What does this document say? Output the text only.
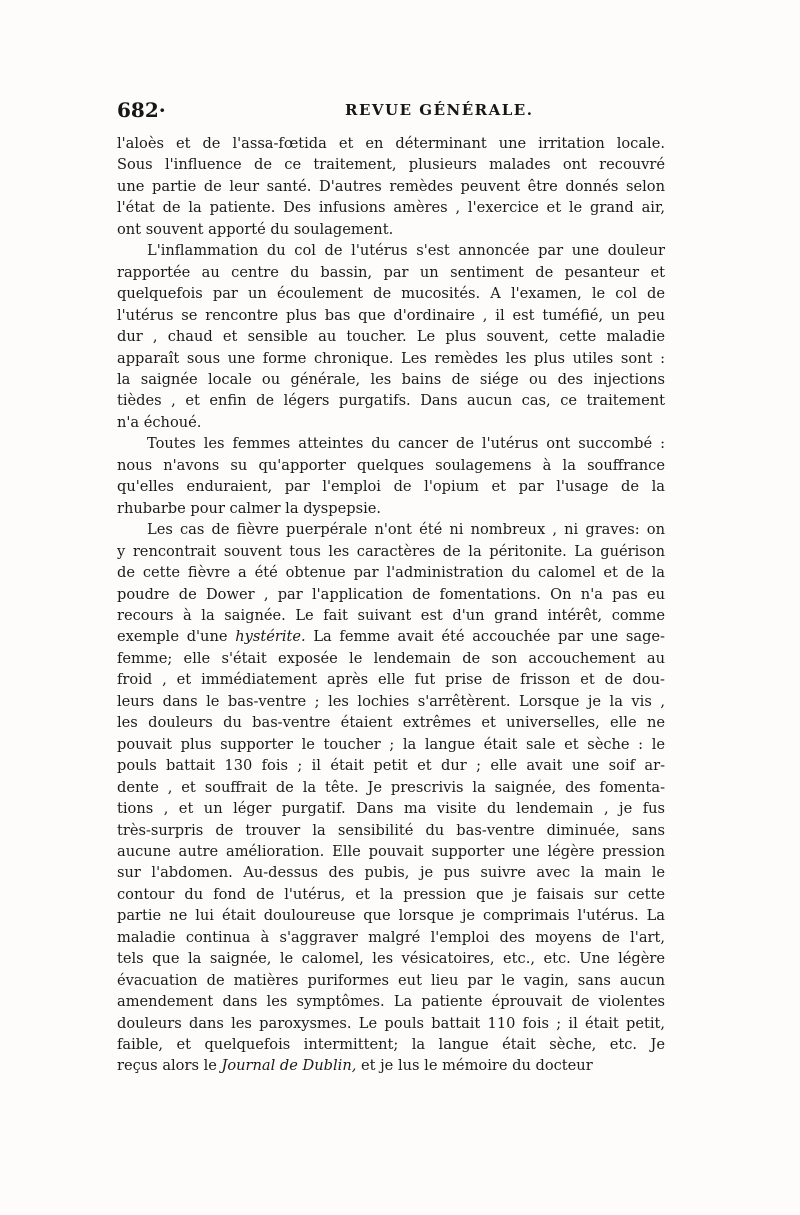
682·	REVUE GÉNÉRALE.
l'aloès et de l'assa-fœtida et en déterminant une irritation locale.
Sous l'influence de ce traitement, plusieurs malades ont recouvré
une partie de leur santé. D'autres remèdes peuvent être donnés selon
l'état de la patiente. Des infusions amères , l'exercice et le grand air,
ont souvent apporté du soulagement.
L'inflammation du col de l'utérus s'est annoncée par une douleur
rapportée au centre du bassin, par un sentiment de pesanteur et
quelquefois par un écoulement de mucosités. A l'examen, le col de
l'utérus se rencontre plus bas que d'ordinaire , il est tuméfié, un peu
dur , chaud et sensible au toucher. Le plus souvent, cette maladie
apparaît sous une forme chronique. Les remèdes les plus utiles sont :
la saignée locale ou générale, les bains de siége ou des injections
tièdes , et enfin de légers purgatifs. Dans aucun cas, ce traitement
n'a échoué.
Toutes les femmes atteintes du cancer de l'utérus ont succombé :
nous n'avons su qu'apporter quelques soulagemens à la souffrance
qu'elles enduraient, par l'emploi de l'opium et par l'usage de la
rhubarbe pour calmer la dyspepsie.
Les cas de fièvre puerpérale n'ont été ni nombreux , ni graves: on
y rencontrait souvent tous les caractères de la péritonite. La guérison
de cette fièvre a été obtenue par l'administration du calomel et de la
poudre de Dower , par l'application de fomentations. On n'a pas eu
recours à la saignée. Le fait suivant est d'un grand intérêt, comme
exemple d'une hystérite. La femme avait été accouchée par une sage-
femme; elle s'était exposée le lendemain de son accouchement au
froid , et immédiatement après elle fut prise de frisson et de dou-
leurs dans le bas-ventre ; les lochies s'arrêtèrent. Lorsque je la vis ,
les douleurs du bas-ventre étaient extrêmes et universelles, elle ne
pouvait plus supporter le toucher ; la langue était sale et sèche : le
pouls battait 130 fois ; il était petit et dur ; elle avait une soif ar-
dente , et souffrait de la tête. Je prescrivis la saignée, des fomenta-
tions , et un léger purgatif. Dans ma visite du lendemain , je fus
très-surpris de trouver la sensibilité du bas-ventre diminuée, sans
aucune autre amélioration. Elle pouvait supporter une légère pression
sur l'abdomen. Au-dessus des pubis, je pus suivre avec la main le
contour du fond de l'utérus, et la pression que je faisais sur cette
partie ne lui était douloureuse que lorsque je comprimais l'utérus. La
maladie continua à s'aggraver malgré l'emploi des moyens de l'art,
tels que la saignée, le calomel, les vésicatoires, etc., etc. Une légère
évacuation de matières puriformes eut lieu par le vagin, sans aucun
amendement dans les symptômes. La patiente éprouvait de violentes
douleurs dans les paroxysmes. Le pouls battait 110 fois ; il était petit,
faible, et quelquefois intermittent; la langue était sèche, etc. Je
reçus alors le Journal de Dublin, et je lus le mémoire du docteur
